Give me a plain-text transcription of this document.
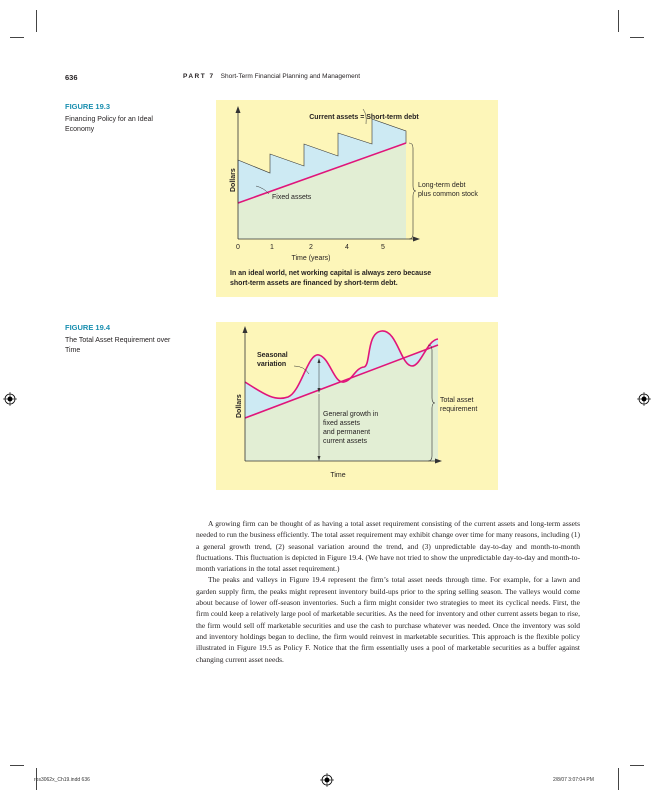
636	PART 7 Short-Term Financial Planning and Management
FIGURE 19.3
Financing Policy for an Ideal Economy
Current assets = Short-term debt
Fixed assets
Long-term debt
plus common stock
Dollars
0	1	2	4	5
Time (years)
In an ideal world, net working capital is always zero because
short-term assets are financed by short-term debt.
FIGURE 19.4
The Total Asset Requirement over Time
Seasonal
variation
General growth in
fixed assets
and permanent
current assets
Total asset
requirement
Dollars
Time

A growing firm can be thought of as having a total asset requirement consisting of the current assets and long-term assets needed to run the business efficiently. The total asset requirement may exhibit change over time for many reasons, including (1) a general growth trend, (2) seasonal variation around the trend, and (3) unpredictable day-to-day and month-to-month fluctuations. This fluctuation is depicted in Figure 19.4. (We have not tried to show the unpredictable day-to-day and month-to-month variations in the total asset requirement.)

The peaks and valleys in Figure 19.4 represent the firm’s total asset needs through time. For example, for a lawn and garden supply firm, the peaks might represent inventory build-ups prior to the spring selling season. The valleys would come about because of lower off-season inventories. Such a firm might consider two strategies to meet its cyclical needs. First, the firm could keep a relatively large pool of marketable securities. As the need for inventory and other current assets began to rise, the firm would sell off marketable securities and use the cash to purchase whatever was needed. Once the inventory was sold and inventory holdings began to decline, the firm would reinvest in marketable securities. This approach is the flexible policy illustrated in Figure 19.5 as Policy F. Notice that the firm essentially uses a pool of marketable securities as a buffer against changing current asset needs.

ros3062x_Ch19.indd 636	2/8/07 3:07:04 PM
